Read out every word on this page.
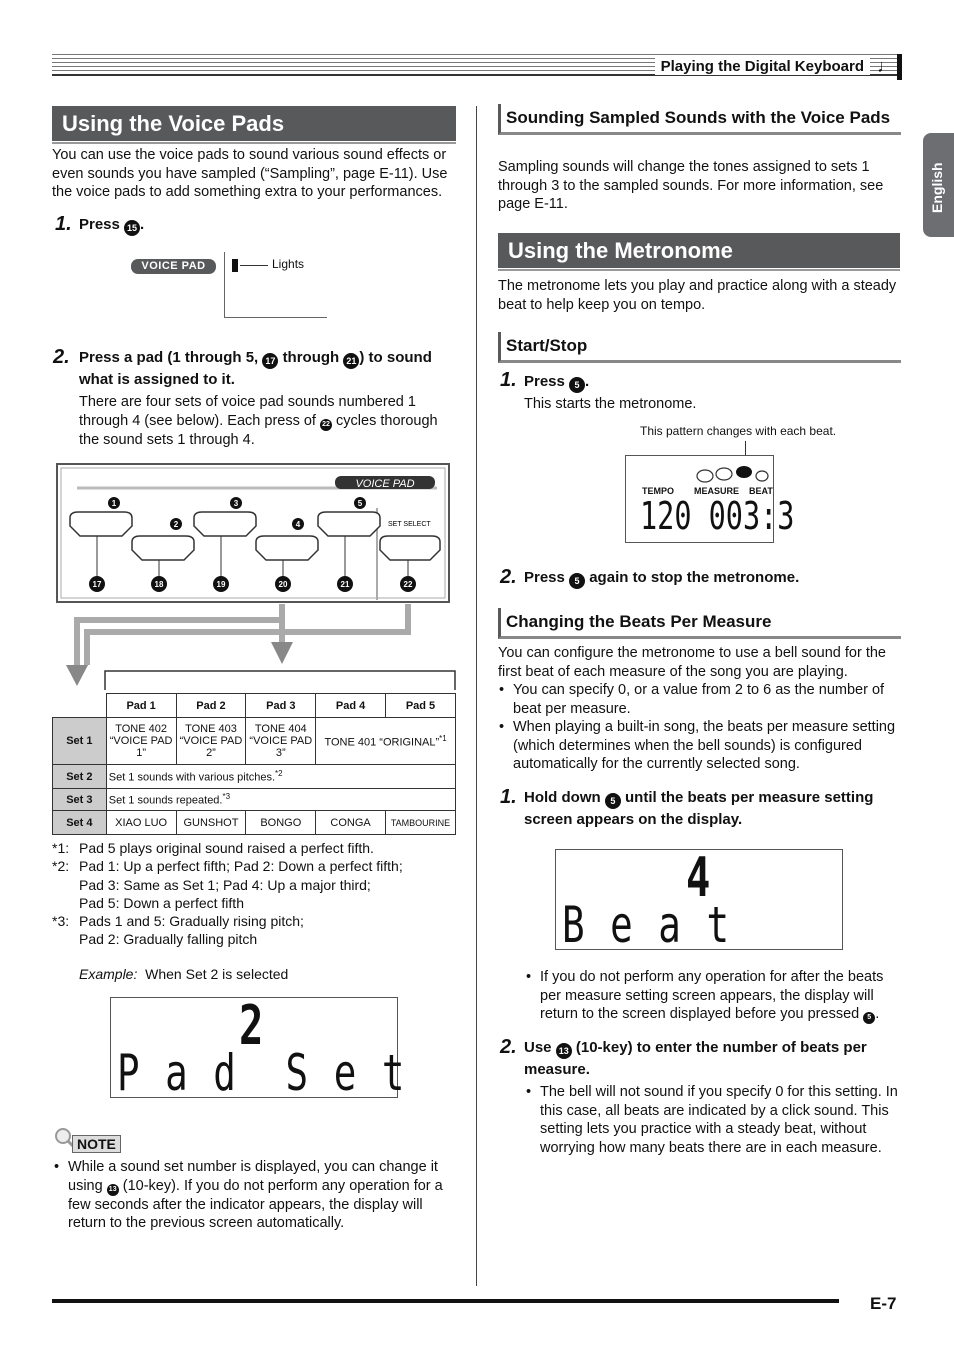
Playing the Digital Keyboard ♩
English
Using the Voice Pads
You can use the voice pads to sound various sound effects or even sounds you have sampled (“Sampling”, page E-11). Use the voice pads to add something extra to your performances.
1. Press 15 .
VOICE PAD	Lights
2. Press a pad (1 through 5, 17 through 21 ) to sound what is assigned to it.
There are four sets of voice pad sounds numbered 1 through 4 (see below). Each press of 22 cycles thorough the sound sets 1 through 4.
VOICE PAD
SET SELECT
1
2
3
4
5
17	18	19	20	21	22
	Pad 1	Pad 2	Pad 3	Pad 4	Pad 5
Set 1	TONE 402 “VOICE PAD 1”	TONE 403 “VOICE PAD 2”	TONE 404 “VOICE PAD 3”	TONE 401 “ORIGINAL”$^{*1}$
Set 2	Set 1 sounds with various pitches.$^{*2}$
Set 3	Set 1 sounds repeated.$^{*3}$
Set 4	XIAO LUO	GUNSHOT	BONGO	CONGA	TAMBOURINE
*1: Pad 5 plays original sound raised a perfect fifth.
*2: Pad 1: Up a perfect fifth; Pad 2: Down a perfect fifth;
Pad 3: Same as Set 1; Pad 4: Up a major third;
Pad 5: Down a perfect fifth
*3: Pads 1 and 5: Gradually rising pitch;
Pad 2: Gradually falling pitch
Example: When Set 2 is selected
2
P a d  S e t
NOTE
• While a sound set number is displayed, you can change it using 13 (10-key). If you do not perform any operation for a few seconds after the indicator appears, the display will return to the previous screen automatically.
Sounding Sampled Sounds with the Voice Pads
Sampling sounds will change the tones assigned to sets 1 through 3 to the sampled sounds. For more information, see page E-11.
Using the Metronome
The metronome lets you play and practice along with a steady beat to help keep you on tempo.
Start/Stop
1. Press 5 .
This starts the metronome.
This pattern changes with each beat.
TEMPO MEASURE BEAT
120 003:3
2. Press 5 again to stop the metronome.
Changing the Beats Per Measure
You can configure the metronome to use a bell sound for the first beat of each measure of the song you are playing.
• You can specify 0, or a value from 2 to 6 as the number of beat per measure.
• When playing a built-in song, the beats per measure setting (which determines when the bell sounds) is configured automatically for the currently selected song.
1. Hold down 5 until the beats per measure setting screen appears on the display.
4
B e a t
• If you do not perform any operation for after the beats per measure setting screen appears, the display will return to the screen displayed before you pressed 5 .
2. Use 13 (10-key) to enter the number of beats per measure.
• The bell will not sound if you specify 0 for this setting. In this case, all beats are indicated by a click sound. This setting lets you practice with a steady beat, without worrying how many beats there are in each measure.
E-7
